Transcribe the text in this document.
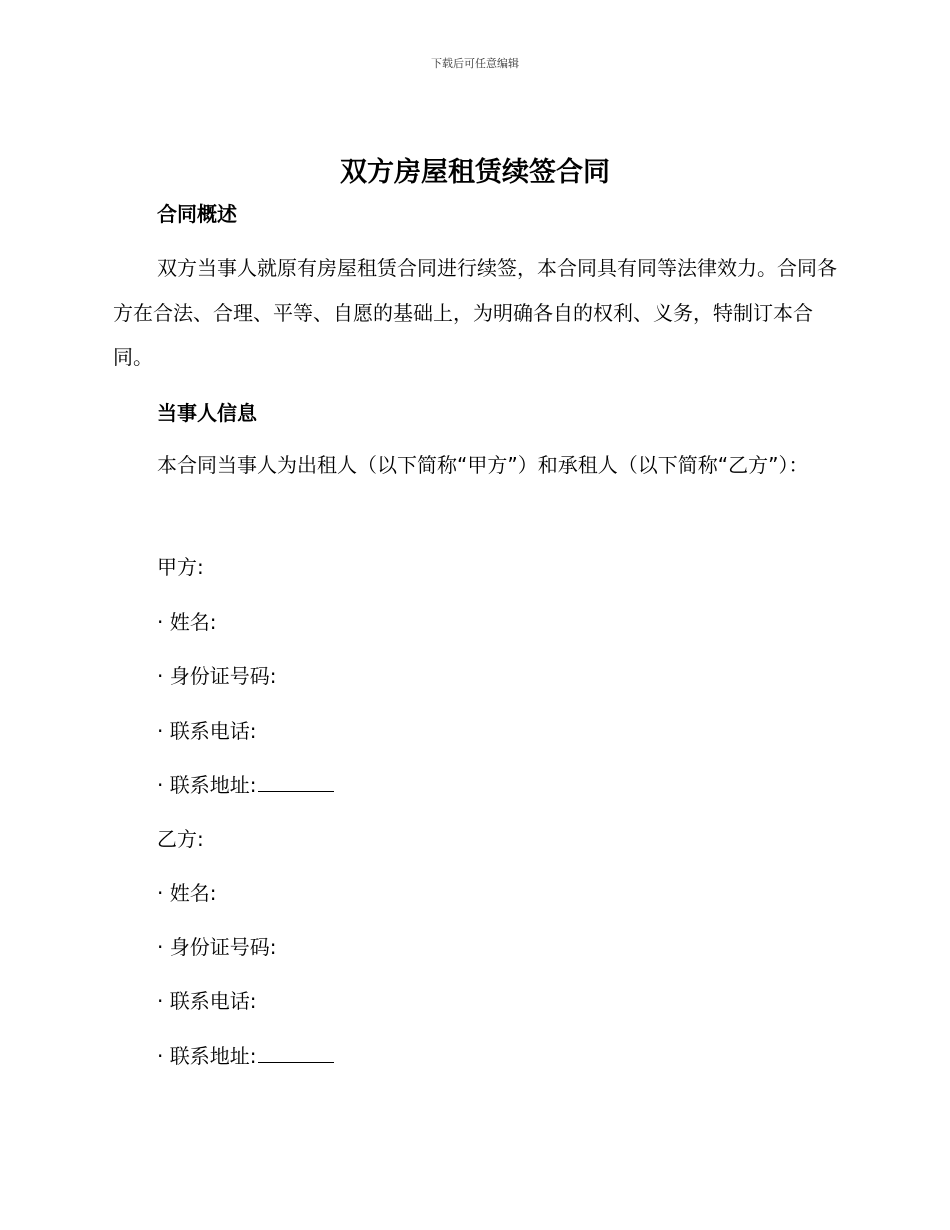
下载后可任意编辑
双方房屋租赁续签合同
合同概述

双方当事人就原有房屋租赁合同进行续签，本合同具有同等法律效力。合同各方在合法、合理、平等、自愿的基础上，为明确各自的权利、义务，特制订本合同。

当事人信息

本合同当事人为出租人（以下简称“甲方”）和承租人（以下简称“乙方”）：

甲方:
· 姓名:
· 身份证号码:
· 联系电话:
· 联系地址:
乙方:
· 姓名:
· 身份证号码:
· 联系电话:
· 联系地址:
